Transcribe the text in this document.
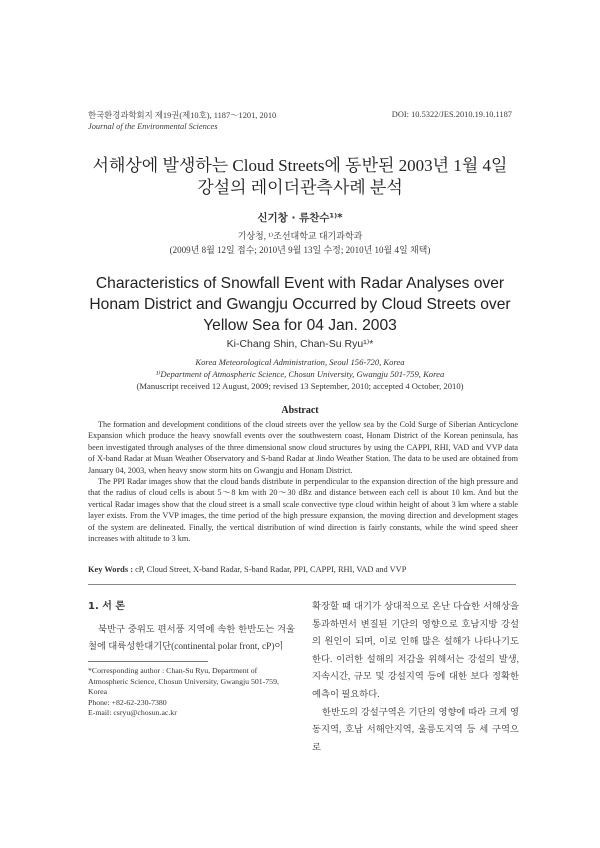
한국환경과학회지 제19권(제10호), 1187～1201, 2010
Journal of the Environmental Sciences
DOI: 10.5322/JES.2010.19.10.1187
서해상에 발생하는 Cloud Streets에 동반된 2003년 1월 4일
강설의 레이더관측사례 분석
신기창 · 류찬수¹⁾*
기상청, ¹⁾조선대학교 대기과학과
(2009년 8월 12일 접수; 2010년 9월 13일 수정; 2010년 10월 4일 채택)
Characteristics of Snowfall Event with Radar Analyses over
Honam District and Gwangju Occurred by Cloud Streets over
Yellow Sea for 04 Jan. 2003
Ki-Chang Shin, Chan-Su Ryu¹⁾*
Korea Meteorological Administration, Seoul 156-720, Korea
¹⁾Department of Atmospheric Science, Chosun University, Gwangju 501-759, Korea
(Manuscript received 12 August, 2009; revised 13 September, 2010; accepted 4 October, 2010)
Abstract

The formation and development conditions of the cloud streets over the yellow sea by the Cold Surge of Siberian Anticyclone Expansion which produce the heavy snowfall events over the southwestern coast, Honam District of the Korean peninsula, has been investigated through analyses of the three dimensional snow cloud structures by using the CAPPI, RHI, VAD and VVP data of X-band Radar at Muan Weather Observatory and S-band Radar at Jindo Weather Station. The data to be used are obtained from January 04, 2003, when heavy snow storm hits on Gwangju and Honam District.

The PPI Radar images show that the cloud bands distribute in perpendicular to the expansion direction of the high pressure and that the radius of cloud cells is about 5～8 km with 20～30 dBz and distance between each cell is about 10 km. And but the vertical Radar images show that the cloud street is a small scale convective type cloud within height of about 3 km where a stable layer exists. From the VVP images, the time period of the high pressure expansion, the moving direction and development stages of the system are delineated. Finally, the vertical distribution of wind direction is fairly constants, while the wind speed sheer increases with altitude to 3 km.

Key Words : cP, Cloud Street, X-band Radar, S-band Radar, PPI, CAPPI, RHI, VAD and VVP
1. 서 론

북반구 중위도 편서풍 지역에 속한 한반도는 겨울철에 대륙성한대기단(continental polar front, cP)이

*Corresponding author : Chan-Su Ryu, Department of Atmospheric Science, Chosun University, Gwangju 501-759, Korea

Phone: +82-62-230-7380

E-mail: csryu@chosun.ac.kr

확장할 때 대기가 상대적으로 온난 다습한 서해상을 통과하면서 변질된 기단의 영향으로 호남지방 강설의 원인이 되며, 이로 인해 많은 설해가 나타나기도 한다. 이러한 설해의 저감을 위해서는 강설의 발생, 지속시간, 규모 및 강설지역 등에 대한 보다 정확한 예측이 필요하다.

한반도의 강설구역은 기단의 영향에 따라 크게 영동지역, 호남 서해안지역, 울릉도지역 등 세 구역으로
